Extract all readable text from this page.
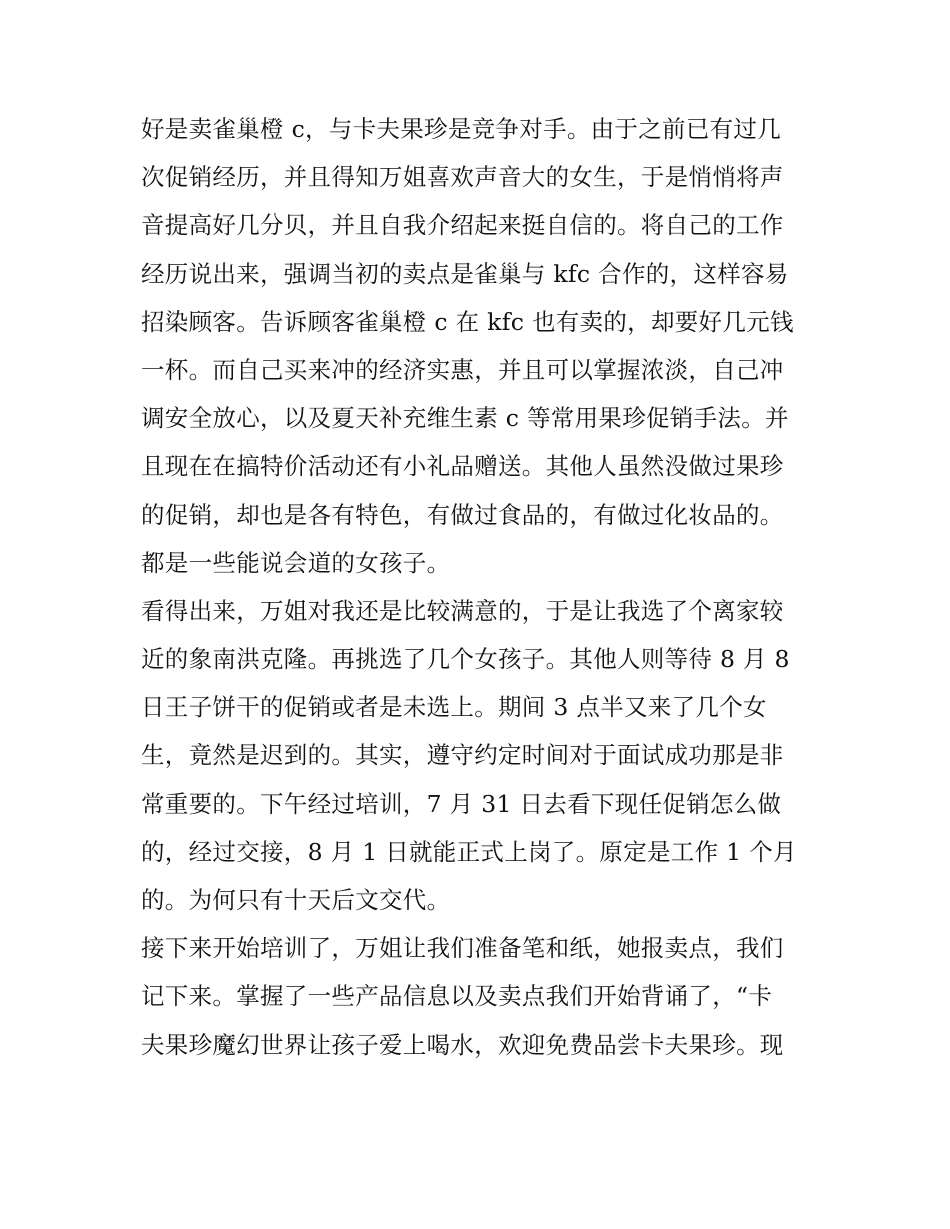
好是卖雀巢橙 c，与卡夫果珍是竞争对手。由于之前已有过几
次促销经历，并且得知万姐喜欢声音大的女生，于是悄悄将声
音提高好几分贝，并且自我介绍起来挺自信的。将自己的工作
经历说出来，强调当初的卖点是雀巢与 kfc 合作的，这样容易
招染顾客。告诉顾客雀巢橙 c 在 kfc 也有卖的，却要好几元钱
一杯。而自己买来冲的经济实惠，并且可以掌握浓淡，自己冲
调安全放心，以及夏天补充维生素 c 等常用果珍促销手法。并
且现在在搞特价活动还有小礼品赠送。其他人虽然没做过果珍
的促销，却也是各有特色，有做过食品的，有做过化妆品的。
都是一些能说会道的女孩子。
看得出来，万姐对我还是比较满意的，于是让我选了个离家较
近的象南洪克隆。再挑选了几个女孩子。其他人则等待 8 月 8
日王子饼干的促销或者是未选上。期间 3 点半又来了几个女
生，竟然是迟到的。其实，遵守约定时间对于面试成功那是非
常重要的。下午经过培训，7 月 31 日去看下现任促销怎么做
的，经过交接，8 月 1 日就能正式上岗了。原定是工作 1 个月
的。为何只有十天后文交代。
接下来开始培训了，万姐让我们准备笔和纸，她报卖点，我们
记下来。掌握了一些产品信息以及卖点我们开始背诵了，“卡
夫果珍魔幻世界让孩子爱上喝水，欢迎免费品尝卡夫果珍。现
